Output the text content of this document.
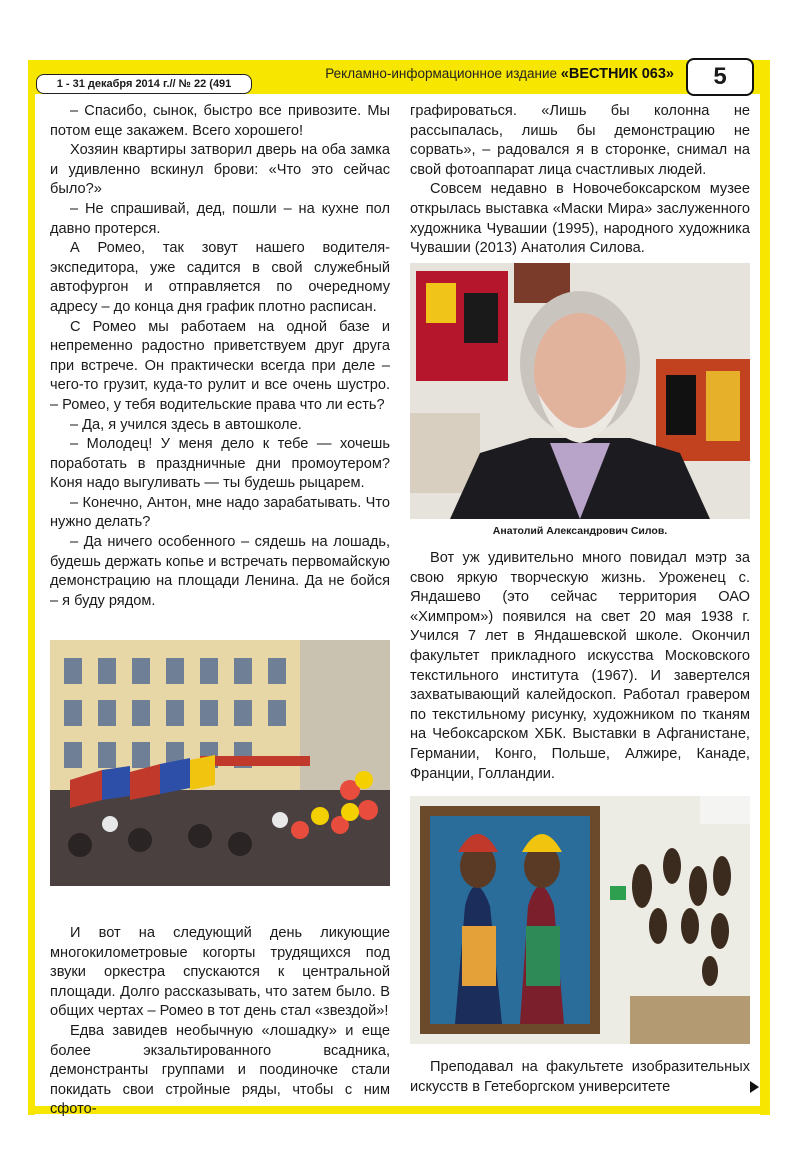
1 - 31 декабря 2014 г.// № 22 (491
Рекламно-информационное издание «ВЕСТНИК 063»	5

– Спасибо, сынок, быстро все привозите. Мы потом еще закажем. Всего хорошего!

Хозяин квартиры затворил дверь на оба замка и удивленно вскинул брови: «Что это сейчас было?»

– Не спрашивай, дед, пошли – на кухне пол давно протерся.

А Ромео, так зовут нашего водителя-экспедитора, уже садится в свой служебный автофургон и отправляется по очередному адресу – до конца дня график плотно расписан.

С Ромео мы работаем на одной базе и непременно радостно приветствуем друг друга при встрече. Он практически всегда при деле – чего-то грузит, куда-то рулит и все очень шустро. – Ромео, у тебя водительские права что ли есть?

– Да, я учился здесь в автошколе.

– Молодец! У меня дело к тебе — хочешь поработать в праздничные дни промоутером? Коня надо выгуливать — ты будешь рыцарем.

– Конечно, Антон, мне надо зарабатывать. Что нужно делать?

– Да ничего особенного – сядешь на лошадь, будешь держать копье и встречать первомайскую демонстрацию на площади Ленина. Да не бойся – я буду рядом.

И вот на следующий день ликующие многокилометровые когорты трудящихся под звуки оркестра спускаются к центральной площади. Долго рассказывать, что затем было. В общих чертах – Ромео в тот день стал «звездой»!

Едва завидев необычную «лошадку» и еще более экзальтированного всадника, демонстранты группами и поодиночке стали покидать свои стройные ряды, чтобы с ним сфото-

графироваться. «Лишь бы колонна не рассыпалась, лишь бы демонстрацию не сорвать», – радовался я в сторонке, снимал на свой фотоаппарат лица счастливых людей.

Совсем недавно в Новочебоксарском музее открылась выставка «Маски Мира» заслуженного художника Чувашии (1995), народного художника Чувашии (2013) Анатолия Силова.

Анатолий Александрович Силов.

Вот уж удивительно много повидал мэтр за свою яркую творческую жизнь. Уроженец с. Яндашево (это сейчас территория ОАО «Химпром») появился на свет 20 мая 1938 г. Учился 7 лет в Яндашевской школе. Окончил факультет прикладного искусства Московского текстильного института (1967). И завертелся захватывающий калейдоскоп. Работал гравером по текстильному рисунку, художником по тканям на Чебоксарском ХБК. Выставки в Афганистане, Германии, Конго, Польше, Алжире, Канаде, Франции, Голландии.

Преподавал на факультете изобразительных искусств в Гетеборгском университете
